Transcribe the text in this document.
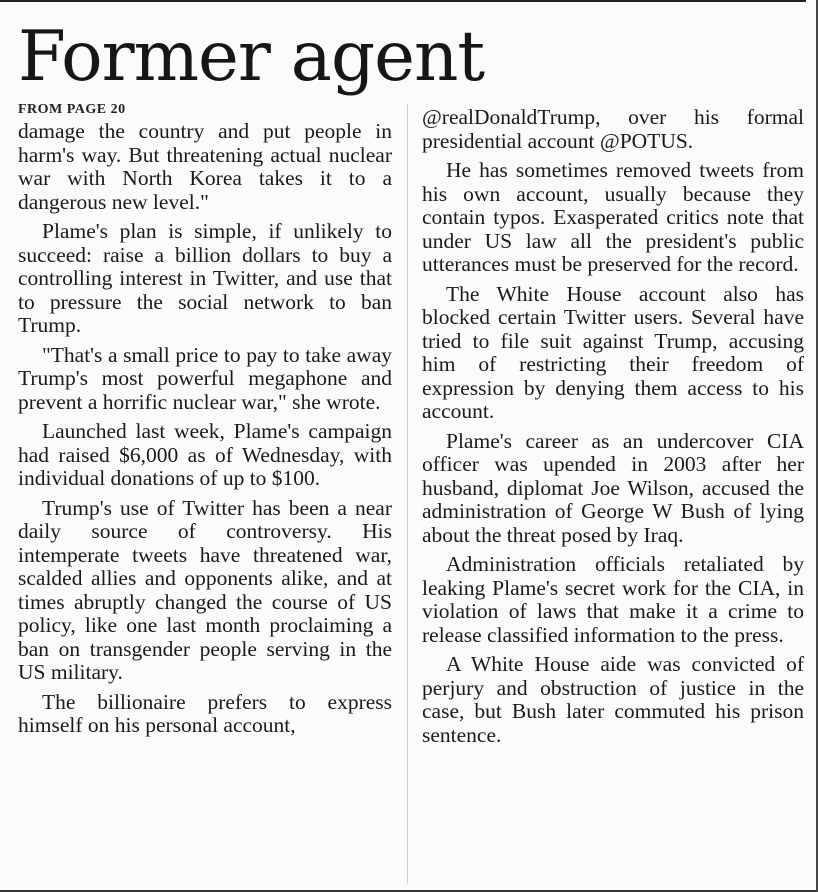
Former agent
FROM PAGE 20

damage the country and put people in harm's way. But threatening actual nuclear war with North Korea takes it to a dangerous new level."

Plame's plan is simple, if unlikely to succeed: raise a billion dollars to buy a controlling interest in Twitter, and use that to pressure the social network to ban Trump.

"That's a small price to pay to take away Trump's most powerful megaphone and prevent a horrific nuclear war," she wrote.

Launched last week, Plame's campaign had raised $6,000 as of Wednesday, with individual donations of up to $100.

Trump's use of Twitter has been a near daily source of controversy. His intemperate tweets have threatened war, scalded allies and opponents alike, and at times abruptly changed the course of US policy, like one last month proclaiming a ban on transgender people serving in the US military.

The billionaire prefers to express himself on his personal account,

@realDonaldTrump, over his formal presidential account @POTUS.

He has sometimes removed tweets from his own account, usually because they contain typos. Exasperated critics note that under US law all the president's public utterances must be preserved for the record.

The White House account also has blocked certain Twitter users. Several have tried to file suit against Trump, accusing him of restricting their freedom of expression by denying them access to his account.

Plame's career as an undercover CIA officer was upended in 2003 after her husband, diplomat Joe Wilson, accused the administration of George W Bush of lying about the threat posed by Iraq.

Administration officials retaliated by leaking Plame's secret work for the CIA, in violation of laws that make it a crime to release classified information to the press.

A White House aide was convicted of perjury and obstruction of justice in the case, but Bush later commuted his prison sentence.
